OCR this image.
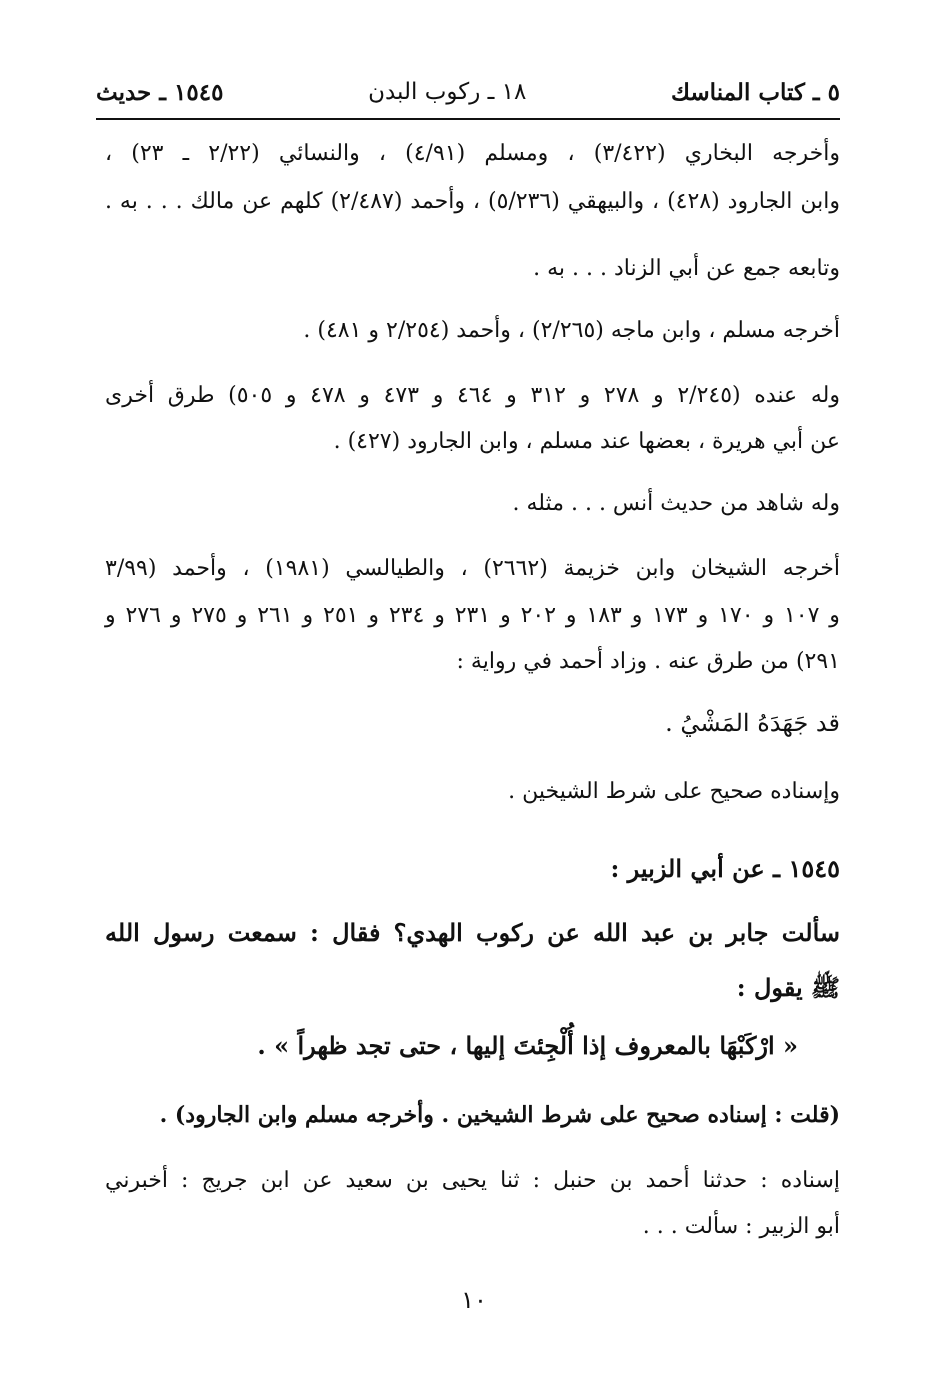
٥ ـ كتاب المناسك
١٨ ـ ركوب البدن
١٥٤٥ ـ حديث
وأخرجه البخاري (٣/٤٢٢) ، ومسلم (٤/٩١) ، والنسائي (٢/٢٢ ـ ٢٣) ،
وابن الجارود (٤٢٨) ، والبيهقي (٥/٢٣٦) ، وأحمد (٢/٤٨٧) كلهم عن مالك . . . به .
وتابعه جمع عن أبي الزناد . . . به .
أخرجه مسلم ، وابن ماجه (٢/٢٦٥) ، وأحمد (٢/٢٥٤ و ٤٨١) .
وله عنده (٢/٢٤٥ و ٢٧٨ و ٣١٢ و ٤٦٤ و ٤٧٣ و ٤٧٨ و ٥٠٥) طرق أخرى
عن أبي هريرة ، بعضها عند مسلم ، وابن الجارود (٤٢٧) .
وله شاهد من حديث أنس . . . مثله .
أخرجه الشيخان وابن خزيمة (٢٦٦٢) ، والطيالسي (١٩٨١) ، وأحمد (٣/٩٩
و ١٠٧ و ١٧٠ و ١٧٣ و ١٨٣ و ٢٠٢ و ٢٣١ و ٢٣٤ و ٢٥١ و ٢٦١ و ٢٧٥ و ٢٧٦ و
٢٩١) من طرق عنه . وزاد أحمد في رواية :
قد جَهَدَهُ المَشْيُ .
وإسناده صحيح على شرط الشيخين .
١٥٤٥ ـ عن أبي الزبير :
سألت جابر بن عبد الله عن ركوب الهدي؟ فقال : سمعت رسول الله
ﷺ يقول :
« ارْكَبْهَا بالمعروف إذا أُلْجِئتَ إليها ، حتى تجد ظهراً » .
(قلت : إسناده صحيح على شرط الشيخين . وأخرجه مسلم وابن الجارود) .
إسناده : حدثنا أحمد بن حنبل : ثنا يحيى بن سعيد عن ابن جريج : أخبرني
أبو الزبير : سألت . . .
١٠
